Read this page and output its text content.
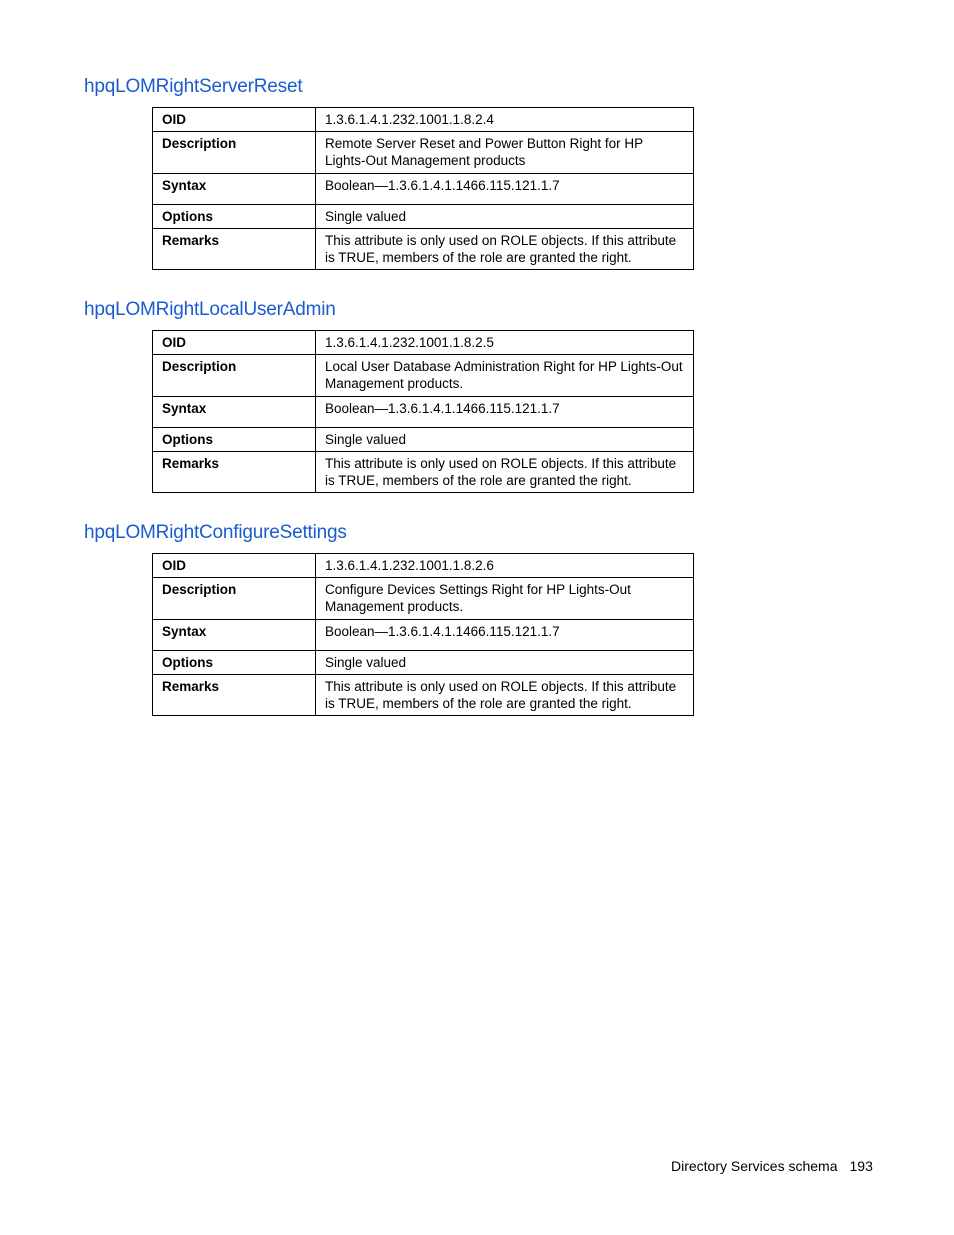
hpqLOMRightServerReset
OID	1.3.6.1.4.1.232.1001.1.8.2.4
Description	Remote Server Reset and Power Button Right for HP Lights-Out Management products
Syntax	Boolean—1.3.6.1.4.1.1466.115.121.1.7
Options	Single valued
Remarks	This attribute is only used on ROLE objects. If this attribute is TRUE, members of the role are granted the right.
hpqLOMRightLocalUserAdmin
OID	1.3.6.1.4.1.232.1001.1.8.2.5
Description	Local User Database Administration Right for HP Lights-Out Management products.
Syntax	Boolean—1.3.6.1.4.1.1466.115.121.1.7
Options	Single valued
Remarks	This attribute is only used on ROLE objects. If this attribute is TRUE, members of the role are granted the right.
hpqLOMRightConfigureSettings
OID	1.3.6.1.4.1.232.1001.1.8.2.6
Description	Configure Devices Settings Right for HP Lights-Out Management products.
Syntax	Boolean—1.3.6.1.4.1.1466.115.121.1.7
Options	Single valued
Remarks	This attribute is only used on ROLE objects. If this attribute is TRUE, members of the role are granted the right.
Directory Services schema 193
